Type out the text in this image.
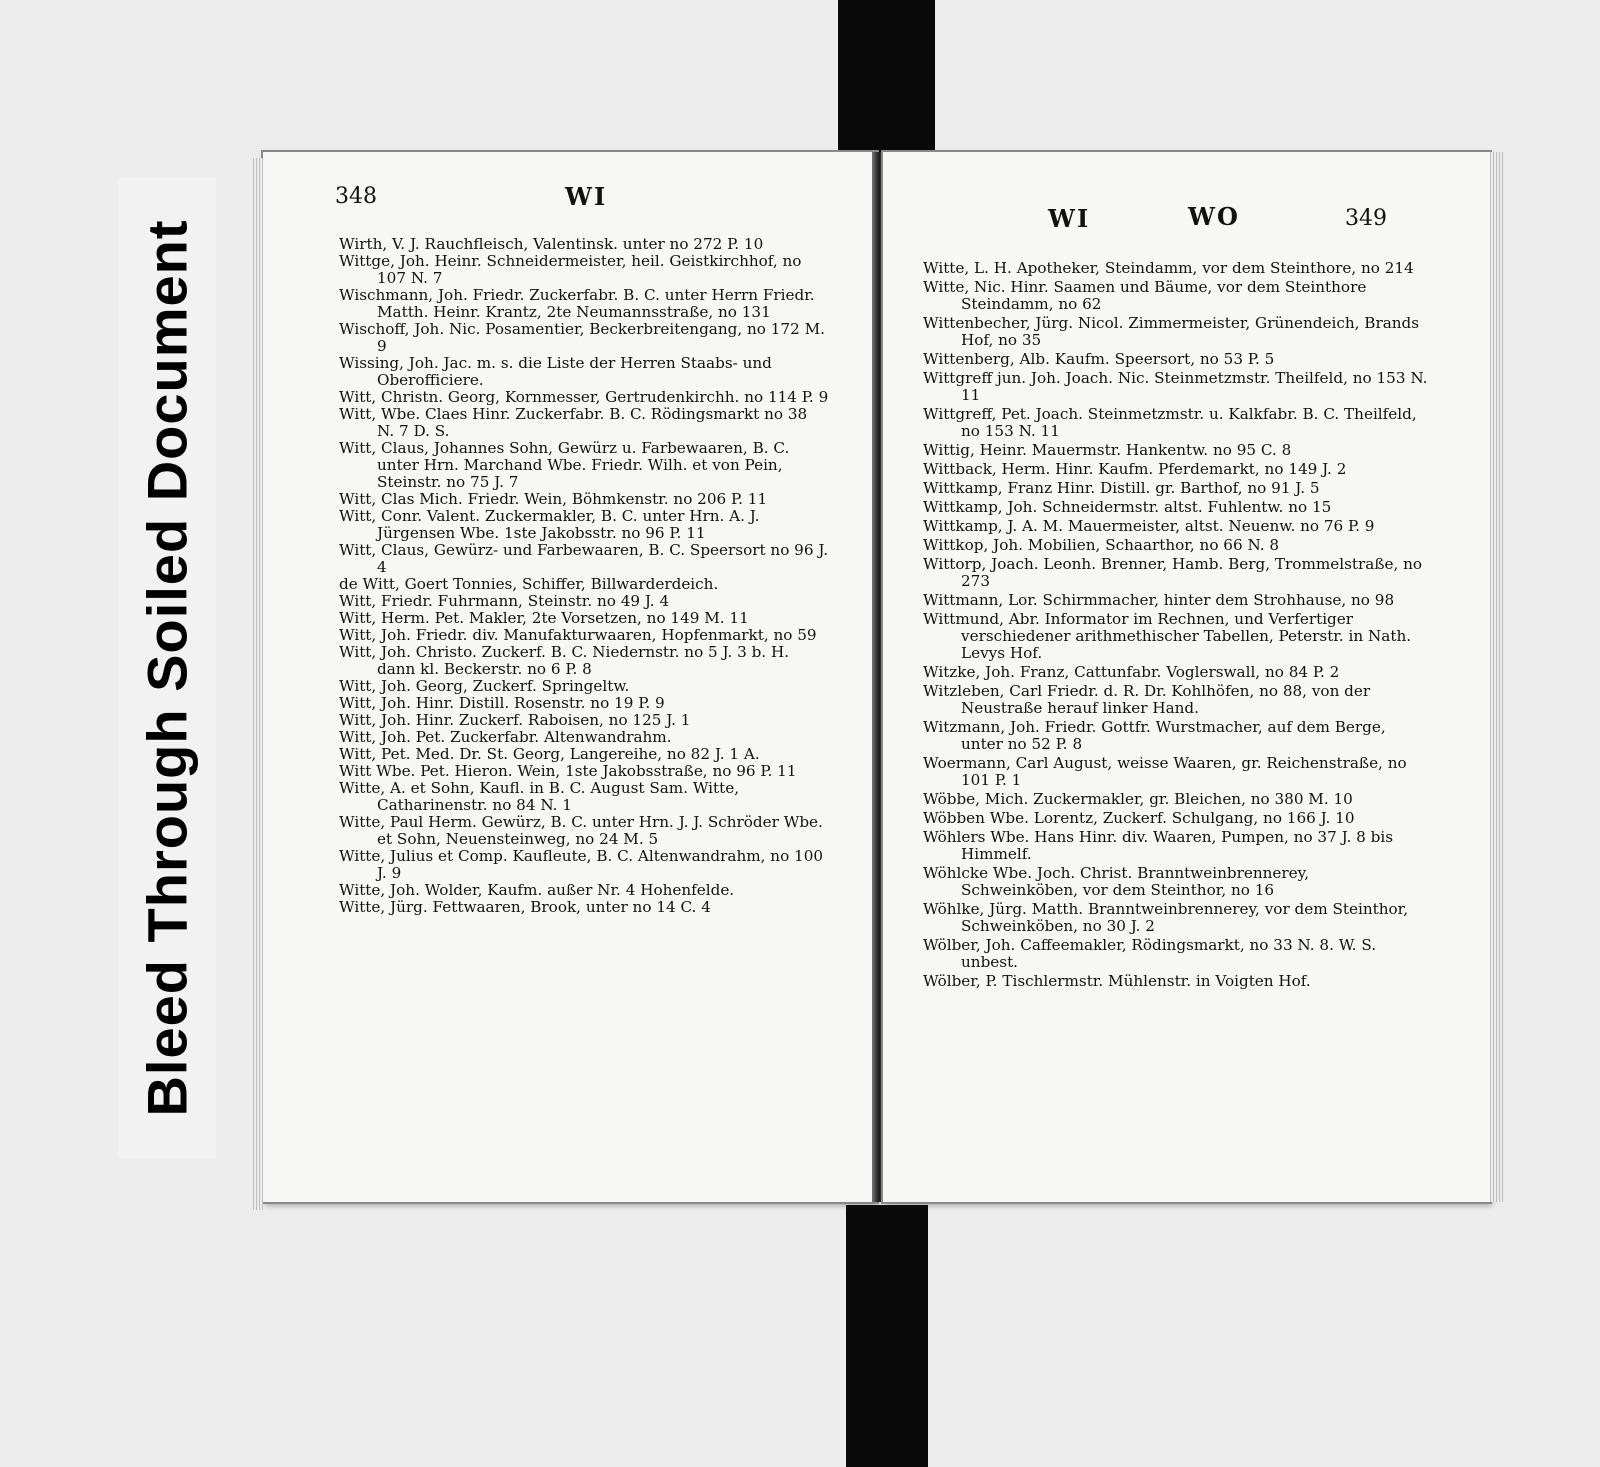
Bleed Through Soiled Document
348	WI
Wirth, V. J. Rauchfleisch, Valentinsk. unter no 272 P. 10
Wittge, Joh. Heinr. Schneidermeister, heil. Geistkirchhof, no 107 N. 7
Wischmann, Joh. Friedr. Zuckerfabr. B. C. unter Herrn Friedr. Matth. Heinr. Krantz, 2te Neumannsstraße, no 131
Wischoff, Joh. Nic. Posamentier, Beckerbreitengang, no 172 M. 9
Wissing, Joh. Jac. m. s. die Liste der Herren Staabs- und Oberofficiere.
Witt, Christn. Georg, Kornmesser, Gertrudenkirchh. no 114 P. 9
Witt, Wbe. Claes Hinr. Zuckerfabr. B. C. Rödingsmarkt no 38 N. 7 D. S.
Witt, Claus, Johannes Sohn, Gewürz u. Farbewaaren, B. C. unter Hrn. Marchand Wbe. Friedr. Wilh. et von Pein, Steinstr. no 75 J. 7
Witt, Clas Mich. Friedr. Wein, Böhmkenstr. no 206 P. 11
Witt, Conr. Valent. Zuckermakler, B. C. unter Hrn. A. J. Jürgensen Wbe. 1ste Jakobsstr. no 96 P. 11
Witt, Claus, Gewürz- und Farbewaaren, B. C. Speersort no 96 J. 4
de Witt, Goert Tonnies, Schiffer, Billwarderdeich.
Witt, Friedr. Fuhrmann, Steinstr. no 49 J. 4
Witt, Herm. Pet. Makler, 2te Vorsetzen, no 149 M. 11
Witt, Joh. Friedr. div. Manufakturwaaren, Hopfenmarkt, no 59
Witt, Joh. Christo. Zuckerf. B. C. Niedernstr. no 5 J. 3 b. H. dann kl. Beckerstr. no 6 P. 8
Witt, Joh. Georg, Zuckerf. Springeltw.
Witt, Joh. Hinr. Distill. Rosenstr. no 19 P. 9
Witt, Joh. Hinr. Zuckerf. Raboisen, no 125 J. 1
Witt, Joh. Pet. Zuckerfabr. Altenwandrahm.
Witt, Pet. Med. Dr. St. Georg, Langereihe, no 82 J. 1 A.
Witt Wbe. Pet. Hieron. Wein, 1ste Jakobsstraße, no 96 P. 11
Witte, A. et Sohn, Kaufl. in B. C. August Sam. Witte, Catharinenstr. no 84 N. 1
Witte, Paul Herm. Gewürz, B. C. unter Hrn. J. J. Schröder Wbe. et Sohn, Neuensteinweg, no 24 M. 5
Witte, Julius et Comp. Kaufleute, B. C. Altenwandrahm, no 100 J. 9
Witte, Joh. Wolder, Kaufm. außer Nr. 4 Hohenfelde.
Witte, Jürg. Fettwaaren, Brook, unter no 14 C. 4
WI	WO	349
Witte, L. H. Apotheker, Steindamm, vor dem Steinthore, no 214
Witte, Nic. Hinr. Saamen und Bäume, vor dem Steinthore Steindamm, no 62
Wittenbecher, Jürg. Nicol. Zimmermeister, Grünendeich, Brands Hof, no 35
Wittenberg, Alb. Kaufm. Speersort, no 53 P. 5
Wittgreff jun. Joh. Joach. Nic. Steinmetzmstr. Theilfeld, no 153 N. 11
Wittgreff, Pet. Joach. Steinmetzmstr. u. Kalkfabr. B. C. Theilfeld, no 153 N. 11
Wittig, Heinr. Mauermstr. Hankentw. no 95 C. 8
Wittback, Herm. Hinr. Kaufm. Pferdemarkt, no 149 J. 2
Wittkamp, Franz Hinr. Distill. gr. Barthof, no 91 J. 5
Wittkamp, Joh. Schneidermstr. altst. Fuhlentw. no 15
Wittkamp, J. A. M. Mauermeister, altst. Neuenw. no 76 P. 9
Wittkop, Joh. Mobilien, Schaarthor, no 66 N. 8
Wittorp, Joach. Leonh. Brenner, Hamb. Berg, Trommelstraße, no 273
Wittmann, Lor. Schirmmacher, hinter dem Strohhause, no 98
Wittmund, Abr. Informator im Rechnen, und Verfertiger verschiedener arithmethischer Tabellen, Peterstr. in Nath. Levys Hof.
Witzke, Joh. Franz, Cattunfabr. Voglerswall, no 84 P. 2
Witzleben, Carl Friedr. d. R. Dr. Kohlhöfen, no 88, von der Neustraße herauf linker Hand.
Witzmann, Joh. Friedr. Gottfr. Wurstmacher, auf dem Berge, unter no 52 P. 8
Woermann, Carl August, weisse Waaren, gr. Reichenstraße, no 101 P. 1
Wöbbe, Mich. Zuckermakler, gr. Bleichen, no 380 M. 10
Wöbben Wbe. Lorentz, Zuckerf. Schulgang, no 166 J. 10
Wöhlers Wbe. Hans Hinr. div. Waaren, Pumpen, no 37 J. 8 bis Himmelf.
Wöhlcke Wbe. Joch. Christ. Branntweinbrennerey, Schweinköben, vor dem Steinthor, no 16
Wöhlke, Jürg. Matth. Branntweinbrennerey, vor dem Steinthor, Schweinköben, no 30 J. 2
Wölber, Joh. Caffeemakler, Rödingsmarkt, no 33 N. 8. W. S. unbest.
Wölber, P. Tischlermstr. Mühlenstr. in Voigten Hof.
